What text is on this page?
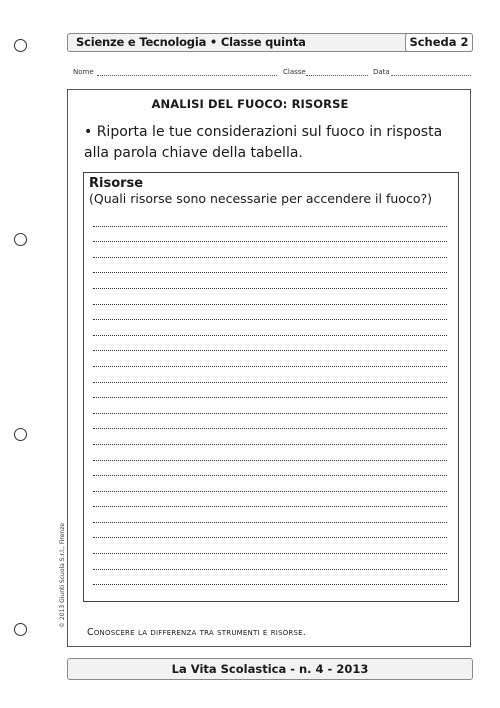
Scienze e Tecnologia • Classe quinta	Scheda 2
Nome	Classe	Data
ANALISI DEL FUOCO: RISORSE
• Riporta le tue considerazioni sul fuoco in risposta alla parola chiave della tabella.
Risorse
(Quali risorse sono necessarie per accendere il fuoco?)
Conoscere la differenza tra strumenti e risorse.
© 2013 Giunti Scuola S.r.l., Firenze
La Vita Scolastica - n. 4 - 2013
